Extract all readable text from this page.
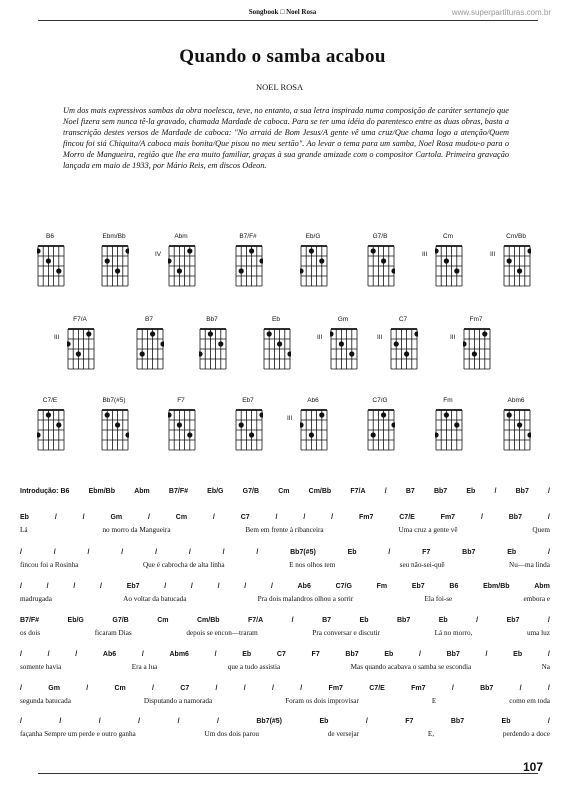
Songbook □ Noel Rosa	www.superpartituras.com.br
Quando o samba acabou
NOEL ROSA
Um dos mais expressivos sambas da obra noelesca, teve, no entanto, a sua letra inspirada numa composição de caráter sertanejo que Noel fizera sem nunca tê-la gravado, chamada Mardade de caboca. Para se ter uma idéia do parentesco entre as duas obras, basta a transcrição destes versos de Mardade de caboca: "No arraiá de Bom Jesus/A gente vê uma cruz/Que chama logo a atenção/Quem fincou foi siá Chiquita/A caboca mais bonita/Que pisou no meu sertão". Ao levar o tema para um samba, Noel Rosa mudou-o para o Morro de Mangueira, região que lhe era muito familiar, graças à sua grande amizade com o compositor Cartola. Primeira gravação lançada em maio de 1933, por Mário Reis, em discos Odeon.
B6	Ebm/Bb	Abm
IV
B7/F#	Eb/G	G7/B	Cm
III
Cm/Bb
III
F7/A
III
B7	Bb7	Eb	Gm
III
C7
III
Fm7
III
C7/E	Bb7(#5)	F7	Eb7	Ab6
III
C7/G	Fm	Abm6
Introdução: B6	Ebm/Bb	Abm	B7/F#	Eb/G	G7/B	Cm	Cm/Bb	F7/A	/	B7	Bb7	Eb	/	Bb7	/
Eb	/	/	Gm	/	Cm	/	C7	/	/	/	Fm7	C7/E	Fm7	/	Bb7	/
Lá	no morro da Mangueira	Bem em frente à ribanceira	Uma cruz a gente vê	Quem
/	/	/	/	/	/	/	/	Bb7(#5)	Eb	/	F7	Bb7	Eb	/
fincou foi a Rosinha	Que é cabrocha de alta linha	E nos olhos tem	seu não-sei-quê	Nu—ma linda
/	/	/	/	Eb7	/	/	/	/	/	Ab6	C7/G	Fm	Eb7	B6	Ebm/Bb	Abm
madrugada	Ao voltar da batucada	Pra dois malandros olhou a sorrir	Ela foi-se	embora e
B7/F#	Eb/G	G7/B	Cm	Cm/Bb	F7/A	/	B7	Eb	Bb7	Eb	/	Eb7	/
os dois	ficaram Dias	depois se encon—traram	Pra conversar e discutir	Lá no morro,	uma luz
/	/	/	Ab6	/	Abm6	/	Eb	C7	F7	Bb7	Eb	/	Bb7	/	Eb	/
somente havia	Era a lua	que a tudo assistia	Mas quando acabava o samba se escondia	Na
/	Gm	/	Cm	/	C7	/	/	/	/	Fm7	C7/E	Fm7	/	Bb7	/	/
segunda batucada	Disputando a namorada	Foram os dois improvisar	E	como em toda
/	/	/	/	/	/	Bb7(#5)	Eb	/	F7	Bb7	Eb	/
façanha Sempre um perde e outro ganha	Um dos dois parou	de versejar	E,	perdendo a doce
107
